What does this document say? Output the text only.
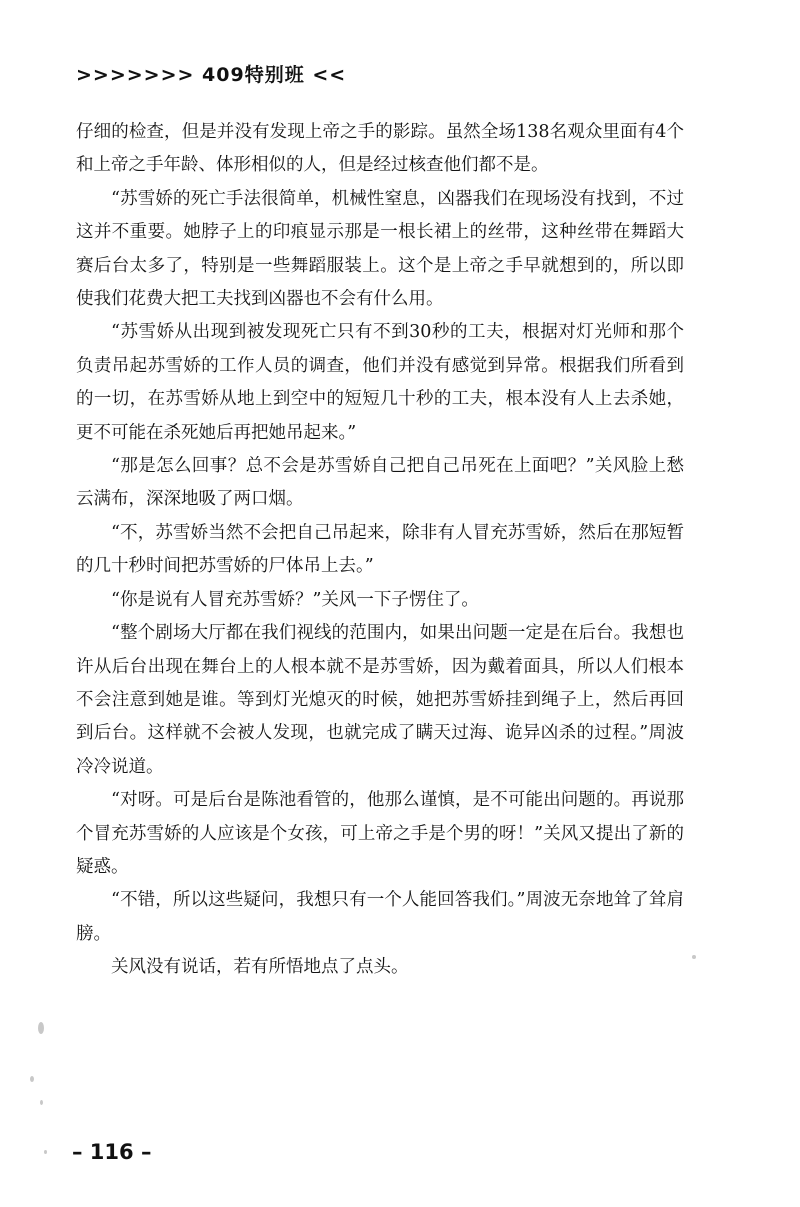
>>>>>>> 409特别班 <<

仔细的检查，但是并没有发现上帝之手的影踪。虽然全场138名观众里面有4个和上帝之手年龄、体形相似的人，但是经过核查他们都不是。

“苏雪娇的死亡手法很简单，机械性窒息，凶器我们在现场没有找到，不过这并不重要。她脖子上的印痕显示那是一根长裙上的丝带，这种丝带在舞蹈大赛后台太多了，特别是一些舞蹈服装上。这个是上帝之手早就想到的，所以即使我们花费大把工夫找到凶器也不会有什么用。

“苏雪娇从出现到被发现死亡只有不到30秒的工夫，根据对灯光师和那个负责吊起苏雪娇的工作人员的调查，他们并没有感觉到异常。根据我们所看到的一切，在苏雪娇从地上到空中的短短几十秒的工夫，根本没有人上去杀她，更不可能在杀死她后再把她吊起来。”

“那是怎么回事？总不会是苏雪娇自己把自己吊死在上面吧？”关风脸上愁云满布，深深地吸了两口烟。

“不，苏雪娇当然不会把自己吊起来，除非有人冒充苏雪娇，然后在那短暂的几十秒时间把苏雪娇的尸体吊上去。”

“你是说有人冒充苏雪娇？”关风一下子愣住了。

“整个剧场大厅都在我们视线的范围内，如果出问题一定是在后台。我想也许从后台出现在舞台上的人根本就不是苏雪娇，因为戴着面具，所以人们根本不会注意到她是谁。等到灯光熄灭的时候，她把苏雪娇挂到绳子上，然后再回到后台。这样就不会被人发现，也就完成了瞒天过海、诡异凶杀的过程。”周波冷冷说道。

“对呀。可是后台是陈池看管的，他那么谨慎，是不可能出问题的。再说那个冒充苏雪娇的人应该是个女孩，可上帝之手是个男的呀！”关风又提出了新的疑惑。

“不错，所以这些疑问，我想只有一个人能回答我们。”周波无奈地耸了耸肩膀。

关风没有说话，若有所悟地点了点头。

– 116 –
